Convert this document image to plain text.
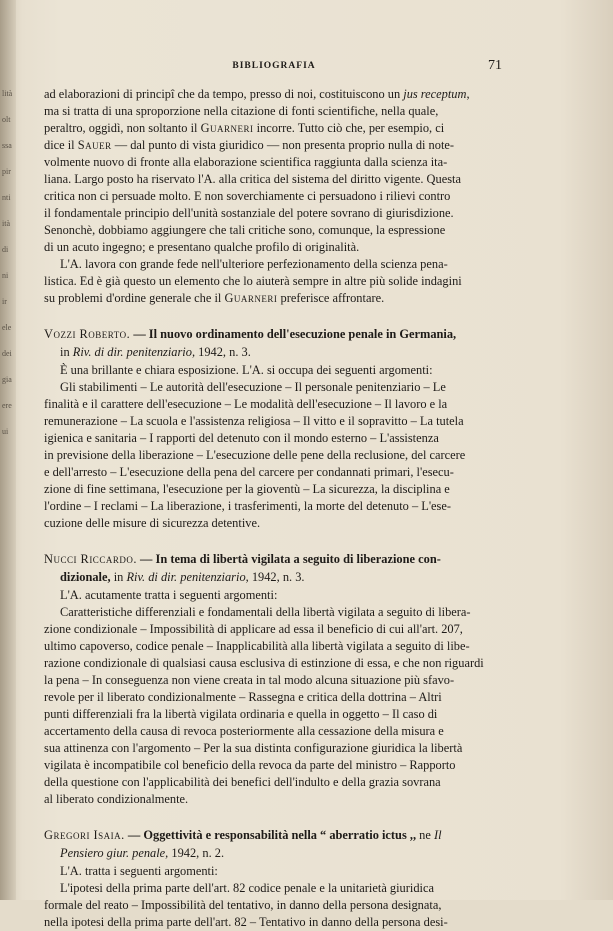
lità
olt
ssa
pir
nti
ità
di
ni
ir
ele
dei
gia
ere
ui
BIBLIOGRAFIA	71
ad elaborazioni di principî che da tempo, presso di noi, costituiscono un jus receptum,
ma si tratta di una sproporzione nella citazione di fonti scientifiche, nella quale,
peraltro, oggidì, non soltanto il Guarneri incorre. Tutto ciò che, per esempio, ci
dice il Sauer — dal punto di vista giuridico — non presenta proprio nulla di note-
volmente nuovo di fronte alla elaborazione scientifica raggiunta dalla scienza ita-
liana. Largo posto ha riservato l'A. alla critica del sistema del diritto vigente. Questa
critica non ci persuade molto. E non soverchiamente ci persuadono i rilievi contro
il fondamentale principio dell'unità sostanziale del potere sovrano di giurisdizione.
Senonchè, dobbiamo aggiungere che tali critiche sono, comunque, la espressione
di un acuto ingegno; e presentano qualche profilo di originalità.
L'A. lavora con grande fede nell'ulteriore perfezionamento della scienza pena-
listica. Ed è già questo un elemento che lo aiuterà sempre in altre più solide indagini
su problemi d'ordine generale che il Guarneri preferisce affrontare.
Vozzi Roberto. — Il nuovo ordinamento dell'esecuzione penale in Germania,
in Riv. di dir. penitenziario, 1942, n. 3.
È una brillante e chiara esposizione. L'A. si occupa dei seguenti argomenti:
Gli stabilimenti – Le autorità dell'esecuzione – Il personale penitenziario – Le
finalità e il carattere dell'esecuzione – Le modalità dell'esecuzione – Il lavoro e la
remunerazione – La scuola e l'assistenza religiosa – Il vitto e il sopravitto – La tutela
igienica e sanitaria – I rapporti del detenuto con il mondo esterno – L'assistenza
in previsione della liberazione – L'esecuzione delle pene della reclusione, del carcere
e dell'arresto – L'esecuzione della pena del carcere per condannati primari, l'esecu-
zione di fine settimana, l'esecuzione per la gioventù – La sicurezza, la disciplina e
l'ordine – I reclami – La liberazione, i trasferimenti, la morte del detenuto – L'ese-
cuzione delle misure di sicurezza detentive.
Nucci Riccardo. — In tema di libertà vigilata a seguito di liberazione con-
dizionale, in Riv. di dir. penitenziario, 1942, n. 3.
L'A. acutamente tratta i seguenti argomenti:
Caratteristiche differenziali e fondamentali della libertà vigilata a seguito di libera-
zione condizionale – Impossibilità di applicare ad essa il beneficio di cui all'art. 207,
ultimo capoverso, codice penale – Inapplicabilità alla libertà vigilata a seguito di libe-
razione condizionale di qualsiasi causa esclusiva di estinzione di essa, e che non riguardi
la pena – In conseguenza non viene creata in tal modo alcuna situazione più sfavo-
revole per il liberato condizionalmente – Rassegna e critica della dottrina – Altri
punti differenziali fra la libertà vigilata ordinaria e quella in oggetto – Il caso di
accertamento della causa di revoca posteriormente alla cessazione della misura e
sua attinenza con l'argomento – Per la sua distinta configurazione giuridica la libertà
vigilata è incompatibile col beneficio della revoca da parte del ministro – Rapporto
della questione con l'applicabilità dei benefici dell'indulto e della grazia sovrana
al liberato condizionalmente.
Gregori Isaia. — Oggettività e responsabilità nella “ aberratio ictus ,, ne Il
Pensiero giur. penale, 1942, n. 2.
L'A. tratta i seguenti argomenti:
L'ipotesi della prima parte dell'art. 82 codice penale e la unitarietà giuridica
formale del reato – Impossibilità del tentativo, in danno della persona designata,
nella ipotesi della prima parte dell'art. 82 – Tentativo in danno della persona desi-
